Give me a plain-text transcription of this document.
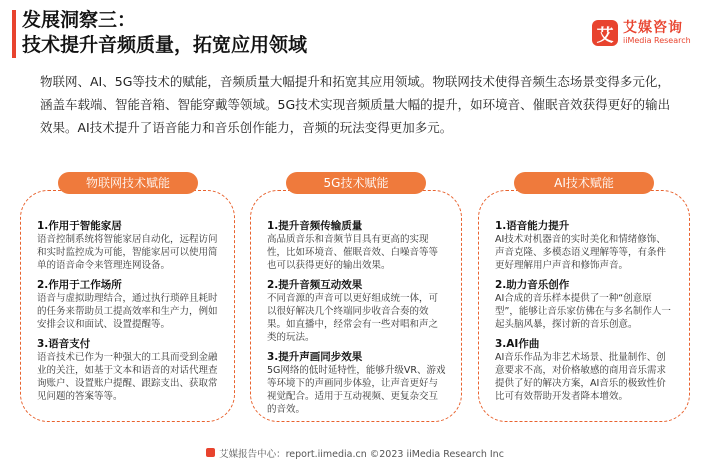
发展洞察三：
技术提升音频质量，拓宽应用领域	艾 艾媒咨询
iiMedia Research
物联网、AI、5G等技术的赋能，音频质量大幅提升和拓宽其应用领域。物联网技术使得音频生态场景变得多元化，涵盖车载端、智能音箱、智能穿戴等领域。5G技术实现音频质量大幅的提升，如环境音、催眠音效获得更好的输出效果。AI技术提升了语音能力和音乐创作能力，音频的玩法变得更加多元。
1.作用于智能家居
语音控制系统将智能家居自动化，远程访问和实时监控成为可能，智能家居可以使用简单的语音命令来管理连网设备。
2.作用于工作场所
语音与虚拟助理结合，通过执行琐碎且耗时的任务来帮助员工提高效率和生产力，例如安排会议和面试、设置提醒等。
3.语音支付
语音技术已作为一种强大的工具而受到金融业的关注，如基于文本和语音的对话代理查询账户、设置账户提醒、跟踪支出、获取常见问题的答案等等。
物联网技术赋能
1.提升音频传输质量
高品质音乐和音频节目具有更高的实现性，比如环境音、催眠音效、白噪音等等也可以获得更好的输出效果。
2.提升音频互动效果
不同音源的声音可以更好组成统一体，可以很好解决几个终端同步收音合奏的效果。如直播中，经常会有一些对唱和声之类的玩法。
3.提升声画同步效果
5G网络的低时延特性，能够升级VR、游戏等环境下的声画同步体验，让声音更好与视觉配合。适用于互动视频、更复杂交互的音效。
5G技术赋能
1.语音能力提升
AI技术对机器音的实时美化和情绪修饰、声音克隆、多模态语义理解等等，有条件更好理解用户声音和修饰声音。
2.助力音乐创作
AI合成的音乐样本提供了一种“创意原型”，能够让音乐家仿佛在与多名制作人一起头脑风暴，探讨新的音乐创意。
3.AI作曲
AI音乐作品为非艺术场景、批量制作、创意要求不高，对价格敏感的商用音乐需求提供了好的解决方案，AI音乐的极致性价比可有效帮助开发者降本增效。
AI技术赋能
艾媒报告中心：report.iimedia.cn ©2023 iiMedia Research Inc
